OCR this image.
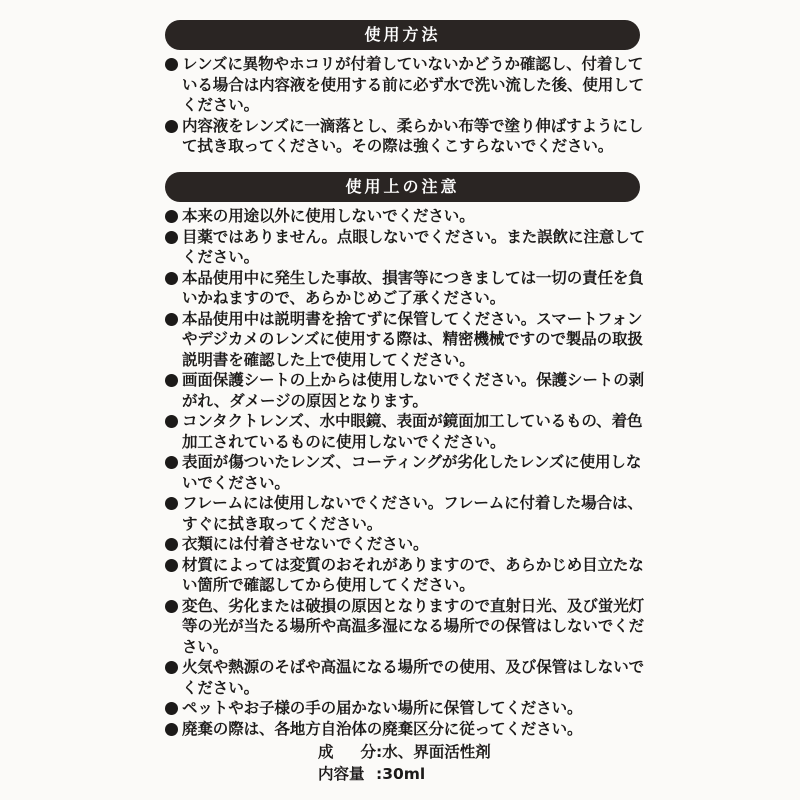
使用方法
レンズに異物やホコリが付着していないかどうか確認し、付着している場合は内容液を使用する前に必ず水で洗い流した後、使用してください。
内容液をレンズに一滴落とし、柔らかい布等で塗り伸ばすようにして拭き取ってください。その際は強くこすらないでください。
使用上の注意
本来の用途以外に使用しないでください。
目薬ではありません。点眼しないでください。また誤飲に注意してください。
本品使用中に発生した事故、損害等につきましては一切の責任を負いかねますので、あらかじめご了承ください。
本品使用中は説明書を捨てずに保管してください。スマートフォンやデジカメのレンズに使用する際は、精密機械ですので製品の取扱説明書を確認した上で使用してください。
画面保護シートの上からは使用しないでください。保護シートの剥がれ、ダメージの原因となります。
コンタクトレンズ、水中眼鏡、表面が鏡面加工しているもの、着色加工されているものに使用しないでください。
表面が傷ついたレンズ、コーティングが劣化したレンズに使用しないでください。
フレームには使用しないでください。フレームに付着した場合は、すぐに拭き取ってください。
衣類には付着させないでください。
材質によっては変質のおそれがありますので、あらかじめ目立たない箇所で確認してから使用してください。
変色、劣化または破損の原因となりますので直射日光、及び蛍光灯等の光が当たる場所や高温多湿になる場所での保管はしないでください。
火気や熱源のそばや高温になる場所での使用、及び保管はしないでください。
ペットやお子様の手の届かない場所に保管してください。
廃棄の際は、各地方自治体の廃棄区分に従ってください。
成 分 :水、界面活性剤
内容量 :30ml
